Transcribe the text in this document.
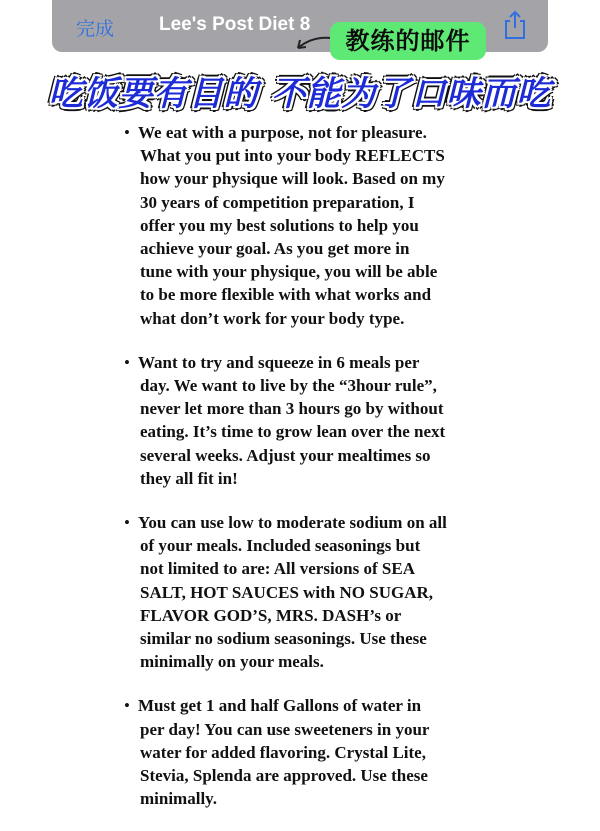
完成 Lee's Post Diet 8
教练的邮件
吃饭要有目的 不能为了口味而吃
• We eat with a purpose, not for pleasure.
What you put into your body REFLECTS
how your physique will look. Based on my
30 years of competition preparation, I
offer you my best solutions to help you
achieve your goal. As you get more in
tune with your physique, you will be able
to be more flexible with what works and
what don’t work for your body type.
• Want to try and squeeze in 6 meals per
day. We want to live by the “3hour rule”,
never let more than 3 hours go by without
eating. It’s time to grow lean over the next
several weeks. Adjust your mealtimes so
they all fit in!
• You can use low to moderate sodium on all
of your meals. Included seasonings but
not limited to are: All versions of SEA
SALT, HOT SAUCES with NO SUGAR,
FLAVOR GOD’S, MRS. DASH’s or
similar no sodium seasonings. Use these
minimally on your meals.
• Must get 1 and half Gallons of water in
per day! You can use sweeteners in your
water for added flavoring. Crystal Lite,
Stevia, Splenda are approved. Use these
minimally.
